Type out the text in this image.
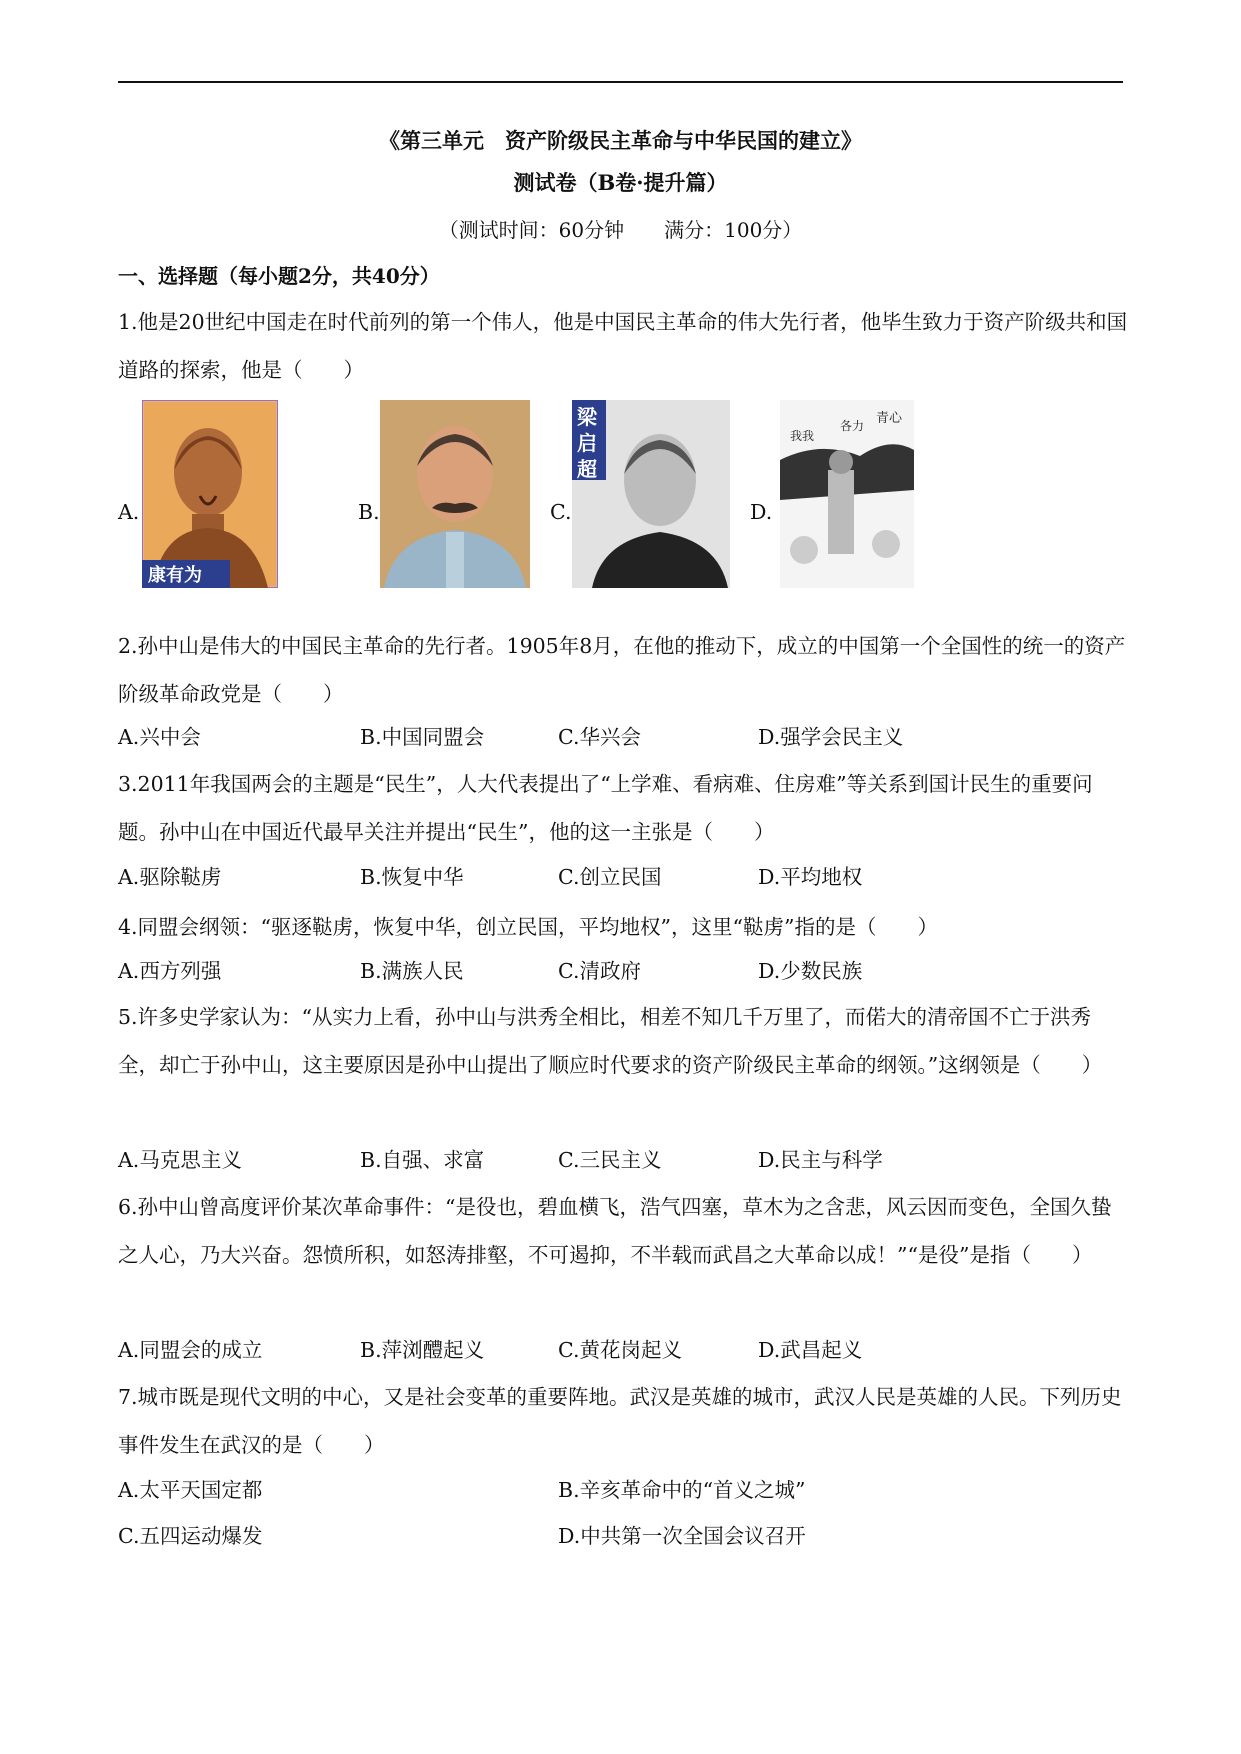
《第三单元　资产阶级民主革命与中华民国的建立》
测试卷（B卷·提升篇）
（测试时间：60分钟　　满分：100分）
一、选择题（每小题2分，共40分）
1.他是20世纪中国走在时代前列的第一个伟人，他是中国民主革命的伟大先行者，他毕生致力于资产阶级共和国道路的探索，他是（　　）
A.
康有为
B.	C.
梁
启
超
D.
青心
各力
我我
2.孙中山是伟大的中国民主革命的先行者。1905年8月，在他的推动下，成立的中国第一个全国性的统一的资产阶级革命政党是（　　）
A.兴中会	B.中国同盟会	C.华兴会	D.强学会民主义
3.2011年我国两会的主题是“民生”，人大代表提出了“上学难、看病难、住房难”等关系到国计民生的重要问题。孙中山在中国近代最早关注并提出“民生”，他的这一主张是（　　）
A.驱除鞑虏	B.恢复中华	C.创立民国	D.平均地权
4.同盟会纲领：“驱逐鞑虏，恢复中华，创立民国，平均地权”，这里“鞑虏”指的是（　　）
A.西方列强	B.满族人民	C.清政府	D.少数民族
5.许多史学家认为：“从实力上看，孙中山与洪秀全相比，相差不知几千万里了，而偌大的清帝国不亡于洪秀全，却亡于孙中山，这主要原因是孙中山提出了顺应时代要求的资产阶级民主革命的纲领。”这纲领是（　　）
A.马克思主义	B.自强、求富	C.三民主义	D.民主与科学
6.孙中山曾高度评价某次革命事件：“是役也，碧血横飞，浩气四塞，草木为之含悲，风云因而变色，全国久蛰之人心，乃大兴奋。怨愤所积，如怒涛排壑，不可遏抑，不半载而武昌之大革命以成！”“是役”是指（　　）
A.同盟会的成立	B.萍浏醴起义	C.黄花岗起义	D.武昌起义
7.城市既是现代文明的中心，又是社会变革的重要阵地。武汉是英雄的城市，武汉人民是英雄的人民。下列历史事件发生在武汉的是（　　）
A.太平天国定都	B.辛亥革命中的“首义之城”
C.五四运动爆发	D.中共第一次全国会议召开
